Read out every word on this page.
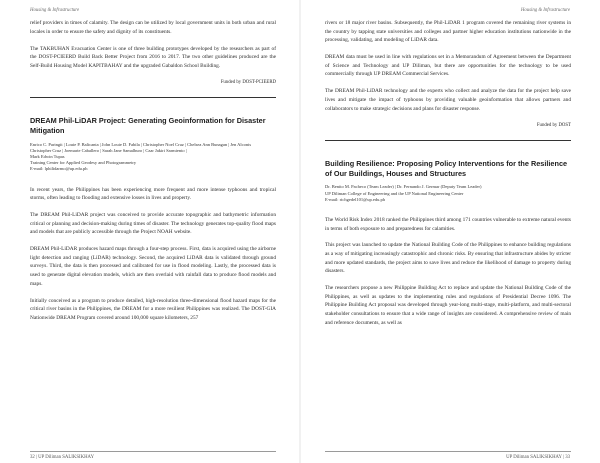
Housing & Infrastructure

relief providers in times of calamity. The design can be utilized by local government units in both urban and rural locales in order to ensure the safety and dignity of its constituents.

The TAKBUHAN Evacuation Center is one of three building prototypes developed by the researchers as part of the DOST-PCIEERD Build Back Better Project from 2016 to 2017. The two other guidelines produced are the Self-Build Housing Model KAPITBAHAY and the upgraded Gabaldon School Building.

Funded by DOST-PCIEERD
DREAM Phil-LiDAR Project: Generating Geoinformation for Disaster Mitigation
Enrico C. Paringit | Louie P. Balicanta | John Louie D. Fabila | Christopher Noel Cruz | Chelsea Ann Bunagan | Jen Alconis
Christopher Cruz | Joemarie Caballero | Sarah Jane Samalburo | Czar Jakiri Sarmiento |
Mark Edwin Tupas
Training Center for Applied Geodesy and Photogrammetry
E-mail: lphilidarmo@up.edu.ph

In recent years, the Philippines has been experiencing more frequent and more intense typhoons and tropical storms, often leading to flooding and extensive losses in lives and property.

The DREAM Phil-LiDAR project was conceived to provide accurate topographic and bathymetric information critical or planning and decision-making during times of disaster. The technology generates top-quality flood maps and models that are publicly accessible through the Project NOAH website.

DREAM Phil-LiDAR produces hazard maps through a four-step process. First, data is acquired using the airborne light detection and ranging (LiDAR) technology. Second, the acquired LiDAR data is validated through ground surveys. Third, the data is then processed and calibrated for use in flood modeling. Lastly, the processed data is used to generate digital elevation models, which are then overlaid with rainfall data to produce flood models and maps.

Initially conceived as a program to produce detailed, high-resolution three-dimensional flood hazard maps for the critical river basins in the Philippines, the DREAM for a more resilient Philippines was realized. The DOST-GIA Nationwide DREAM Program covered around 100,000 square kilometers, 257

32 | UP Diliman SALIKSIKHAY
Housing & Infrastructure

rivers or 18 major river basins. Subsequently, the Phil-LiDAR 1 program covered the remaining river systems in the country by tapping state universities and colleges and partner higher education institutions nationwide in the processing, validating, and modeling of LiDAR data.

DREAM data must be used in line with regulations set in a Memorandum of Agreement between the Department of Science and Technology and UP Diliman, but there are opportunities for the technology to be used commercially through UP DREAM Commercial Services.

The DREAM Phil-LiDAR technology and the experts who collect and analyze the data for the project help save lives and mitigate the impact of typhoons by providing valuable geoinformation that allows partners and collaborators to make strategic decisions and plans for disaster response.

Funded by DOST
Building Resilience: Proposing Policy Interventions for the Resilience of Our Buildings, Houses and Structures
Dr. Benito M. Pacheco (Team Leader) | Dr. Fernando J. Germar (Deputy Team Leader)
UP Diliman College of Engineering and the UP National Engineering Center
E-mail: richgedel101@up.edu.ph

The World Risk Index 2018 ranked the Philippines third among 171 countries vulnerable to extreme natural events in terms of both exposure to and preparedness for calamities.

This project was launched to update the National Building Code of the Philippines to enhance building regulations as a way of mitigating increasingly catastrophic and chronic risks. By ensuring that infrastructure abides by stricter and more updated standards, the project aims to save lives and reduce the likelihood of damage to property during disasters.

The researchers propose a new Philippine Building Act to replace and update the National Building Code of the Philippines, as well as updates to the implementing rules and regulations of Presidential Decree 1096. The Philippine Building Act proposal was developed through year-long multi-stage, multi-platform, and multi-sectoral stakeholder consultations to ensure that a wide range of insights are considered. A comprehensive review of main and reference documents, as well as

UP Diliman SALIKSIKHAY | 33
